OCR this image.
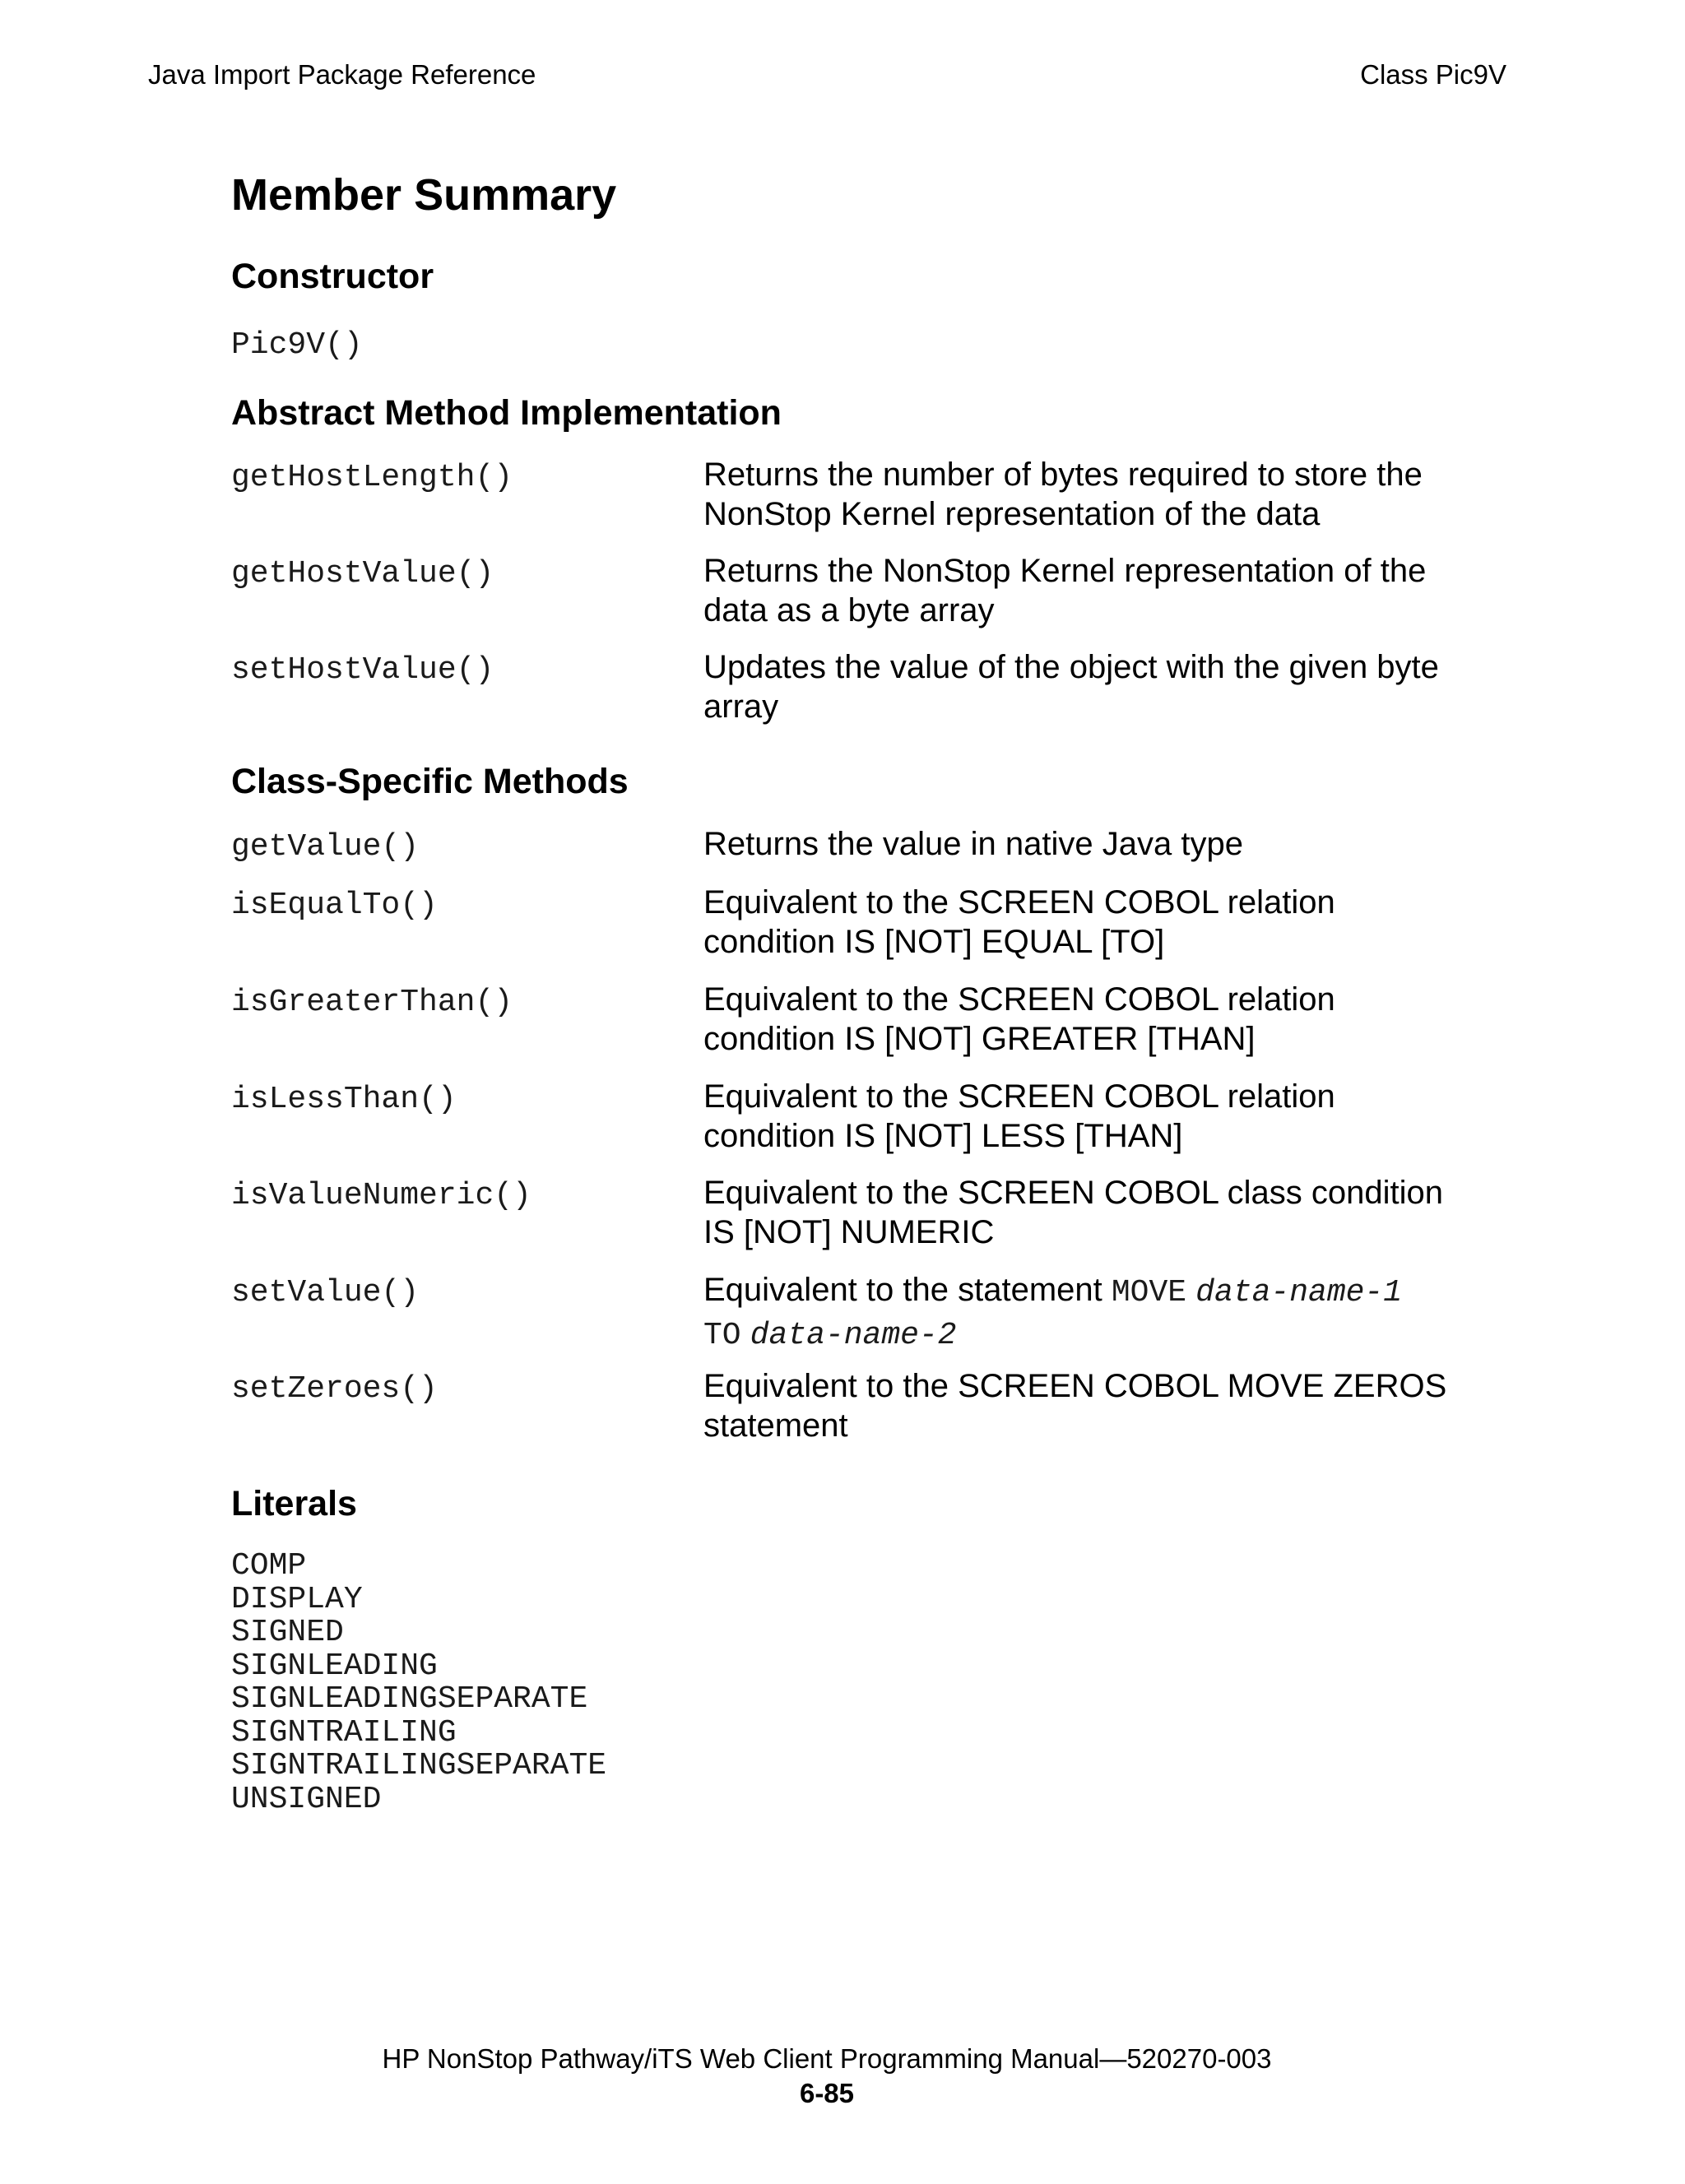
Java Import Package Reference	Class Pic9V
Member Summary
Constructor
Pic9V()
Abstract Method Implementation
getHostLength()	Returns the number of bytes required to store the NonStop Kernel representation of the data
getHostValue()	Returns the NonStop Kernel representation of the data as a byte array
setHostValue()	Updates the value of the object with the given byte array
Class-Specific Methods
getValue()	Returns the value in native Java type
isEqualTo()	Equivalent to the SCREEN COBOL relation condition IS [NOT] EQUAL [TO]
isGreaterThan()	Equivalent to the SCREEN COBOL relation condition IS [NOT] GREATER [THAN]
isLessThan()	Equivalent to the SCREEN COBOL relation condition IS [NOT] LESS [THAN]
isValueNumeric()	Equivalent to the SCREEN COBOL class condition IS [NOT] NUMERIC
setValue()	Equivalent to the statement MOVE data-name-1
TO data-name-2
setZeroes()	Equivalent to the SCREEN COBOL MOVE ZEROS statement
Literals
COMP
DISPLAY
SIGNED
SIGNLEADING
SIGNLEADINGSEPARATE
SIGNTRAILING
SIGNTRAILINGSEPARATE
UNSIGNED
HP NonStop Pathway/iTS Web Client Programming Manual—520270-003
6-85
